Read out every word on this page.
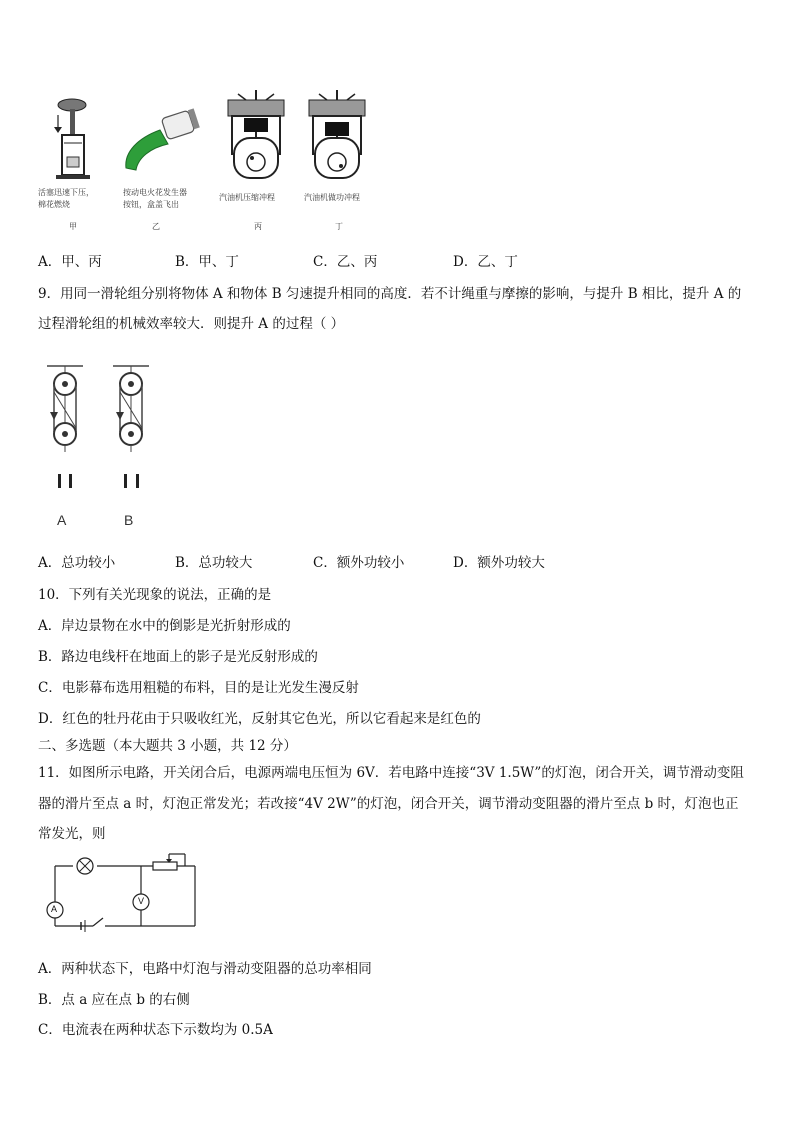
活塞迅速下压，
棉花燃烧
甲
按动电火花发生器
按钮，盒盖飞出
乙
汽油机压缩冲程
丙
汽油机做功冲程
丁
A．甲、丙	B．甲、丁	C．乙、丙	D．乙、丁
9．用同一滑轮组分别将物体 A 和物体 B 匀速提升相同的高度．若不计绳重与摩擦的影响，与提升 B 相比，提升 A 的
过程滑轮组的机械效率较大．则提升 A 的过程（ ）
A	B
A．总功较小	B．总功较大	C．额外功较小	D．额外功较大
10．下列有关光现象的说法，正确的是
A．岸边景物在水中的倒影是光折射形成的
B．路边电线杆在地面上的影子是光反射形成的
C．电影幕布选用粗糙的布料，目的是让光发生漫反射
D．红色的牡丹花由于只吸收红光，反射其它色光，所以它看起来是红色的
二、多选题（本大题共 3 小题，共 12 分）
11．如图所示电路，开关闭合后，电源两端电压恒为 6V．若电路中连接“3V 1.5W”的灯泡，闭合开关，调节滑动变阻
器的滑片至点 a 时，灯泡正常发光；若改接“4V 2W”的灯泡，闭合开关，调节滑动变阻器的滑片至点 b 时，灯泡也正
常发光，则
A
V
A．两种状态下，电路中灯泡与滑动变阻器的总功率相同
B．点 a 应在点 b 的右侧
C．电流表在两种状态下示数均为 0.5A
